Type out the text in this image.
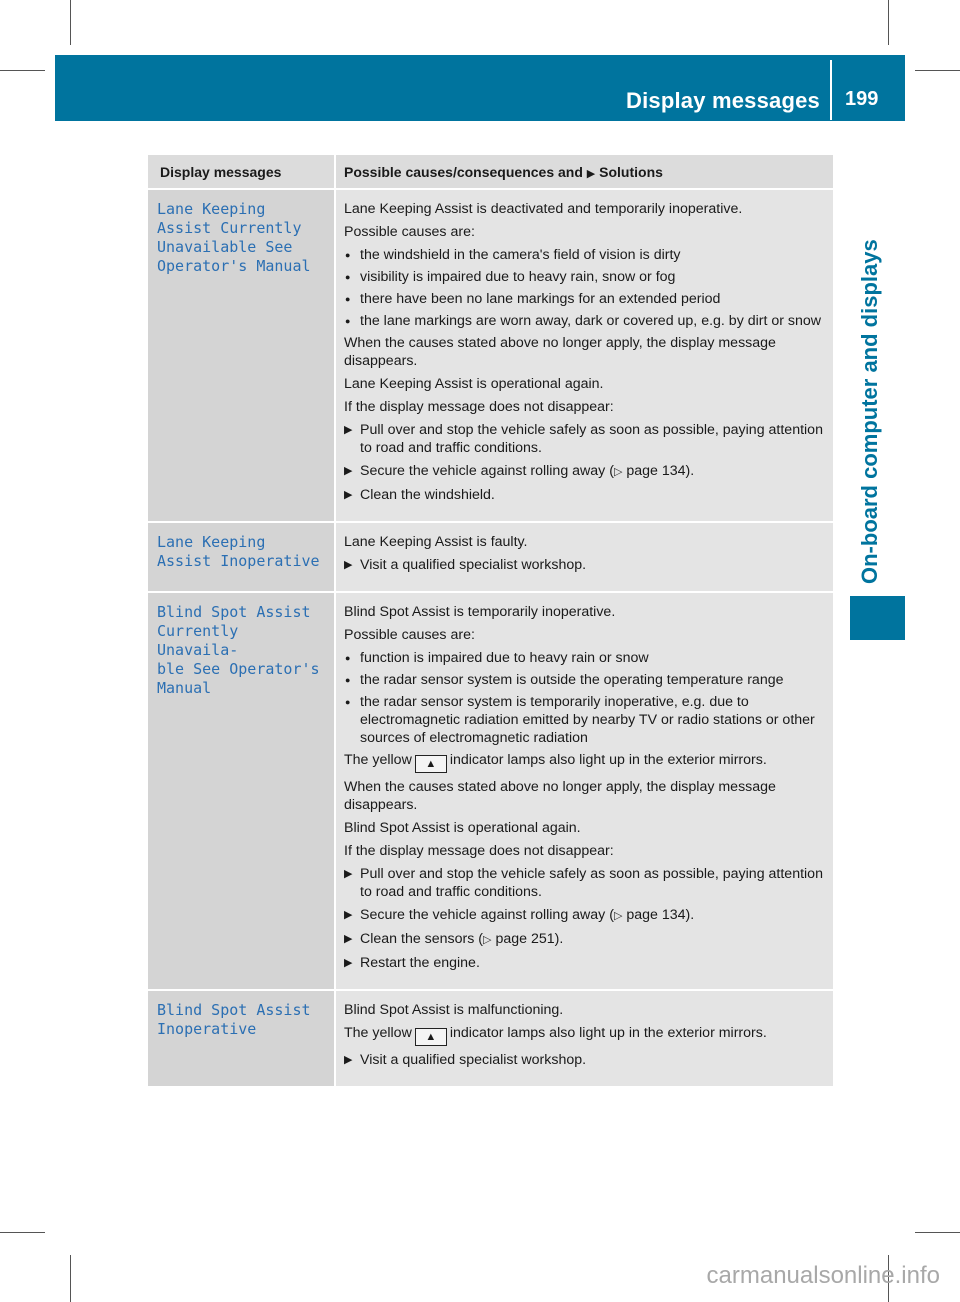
Display messages 199
On-board computer and displays
Display messages	Possible causes/consequences and ▶ Solutions
Lane Keeping
Assist Currently
Unavailable See
Operator's Manual

Lane Keeping Assist is deactivated and temporarily inoperative.

Possible causes are:

● the windshield in the camera's field of vision is dirty
● visibility is impaired due to heavy rain, snow or fog
● there have been no lane markings for an extended period
● the lane markings are worn away, dark or covered up, e.g. by dirt or snow

When the causes stated above no longer apply, the display message disappears.

Lane Keeping Assist is operational again.

If the display message does not disappear:

▶ Pull over and stop the vehicle safely as soon as possible, paying attention to road and traffic conditions.
▶ Secure the vehicle against rolling away (▷ page 134).
▶ Clean the windshield.
Lane Keeping
Assist Inoperative

Lane Keeping Assist is faulty.

▶ Visit a qualified specialist workshop.
Blind Spot Assist
Currently Unavaila‐
ble See Operator's
Manual

Blind Spot Assist is temporarily inoperative.

Possible causes are:

● function is impaired due to heavy rain or snow
● the radar sensor system is outside the operating temperature range
● the radar sensor system is temporarily inoperative, e.g. due to electromagnetic radiation emitted by nearby TV or radio stations or other sources of electromagnetic radiation

The yellow ▲ indicator lamps also light up in the exterior mirrors.

When the causes stated above no longer apply, the display message disappears.

Blind Spot Assist is operational again.

If the display message does not disappear:

▶ Pull over and stop the vehicle safely as soon as possible, paying attention to road and traffic conditions.
▶ Secure the vehicle against rolling away (▷ page 134).
▶ Clean the sensors (▷ page 251).
▶ Restart the engine.
Blind Spot Assist
Inoperative

Blind Spot Assist is malfunctioning.

The yellow ▲ indicator lamps also light up in the exterior mirrors.

▶ Visit a qualified specialist workshop.
carmanualsonline.info
